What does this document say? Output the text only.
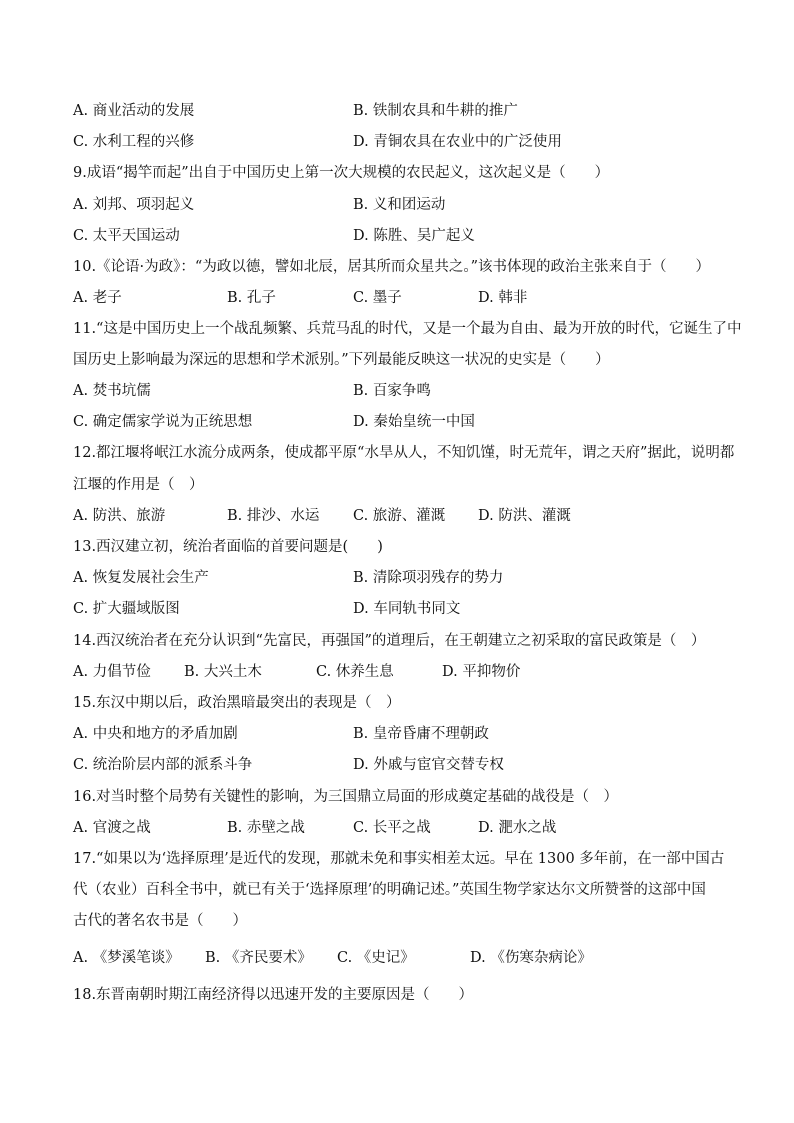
A. 商业活动的发展	B. 铁制农具和牛耕的推广
C. 水利工程的兴修	D. 青铜农具在农业中的广泛使用
9.成语“揭竿而起”出自于中国历史上第一次大规模的农民起义，这次起义是（　　）
A. 刘邦、项羽起义	B. 义和团运动
C. 太平天国运动	D. 陈胜、吴广起义
10.《论语·为政》：“为政以德，譬如北辰，居其所而众星共之。”该书体现的政治主张来自于（　　）
A. 老子	B. 孔子	C. 墨子	D. 韩非
11.“这是中国历史上一个战乱频繁、兵荒马乱的时代，又是一个最为自由、最为开放的时代，它诞生了中
国历史上影响最为深远的思想和学术派别。”下列最能反映这一状况的史实是（　　）
A. 焚书坑儒	B. 百家争鸣
C. 确定儒家学说为正统思想	D. 秦始皇统一中国
12.都江堰将岷江水流分成两条，使成都平原“水旱从人，不知饥馑，时无荒年，谓之天府”据此，说明都
江堰的作用是（　）
A. 防洪、旅游	B. 排沙、水运 C. 旅游、灌溉 D. 防洪、灌溉
13.西汉建立初，统治者面临的首要问题是(　　)
A. 恢复发展社会生产	B. 清除项羽残存的势力
C. 扩大疆域版图	D. 车同轨书同文
14.西汉统治者在充分认识到“先富民，再强国”的道理后，在王朝建立之初采取的富民政策是（　）
A. 力倡节俭 B. 大兴土木	C. 休养生息	D. 平抑物价
15.东汉中期以后，政治黑暗最突出的表现是（　）
A. 中央和地方的矛盾加剧	B. 皇帝昏庸不理朝政
C. 统治阶层内部的派系斗争	D. 外戚与宦官交替专权
16.对当时整个局势有关键性的影响，为三国鼎立局面的形成奠定基础的战役是（　）
A. 官渡之战	B. 赤壁之战	C. 长平之战	D. 淝水之战
17.“如果以为‘选择原理’是近代的发现，那就未免和事实相差太远。早在 1300 多年前，在一部中国古
代（农业）百科全书中，就已有关于‘选择原理’的明确记述。”英国生物学家达尔文所赞誉的这部中国
古代的著名农书是（　　）
A. 《梦溪笔谈》 B. 《齐民要术》 C. 《史记》	D. 《伤寒杂病论》
18.东晋南朝时期江南经济得以迅速开发的主要原因是（　　）
